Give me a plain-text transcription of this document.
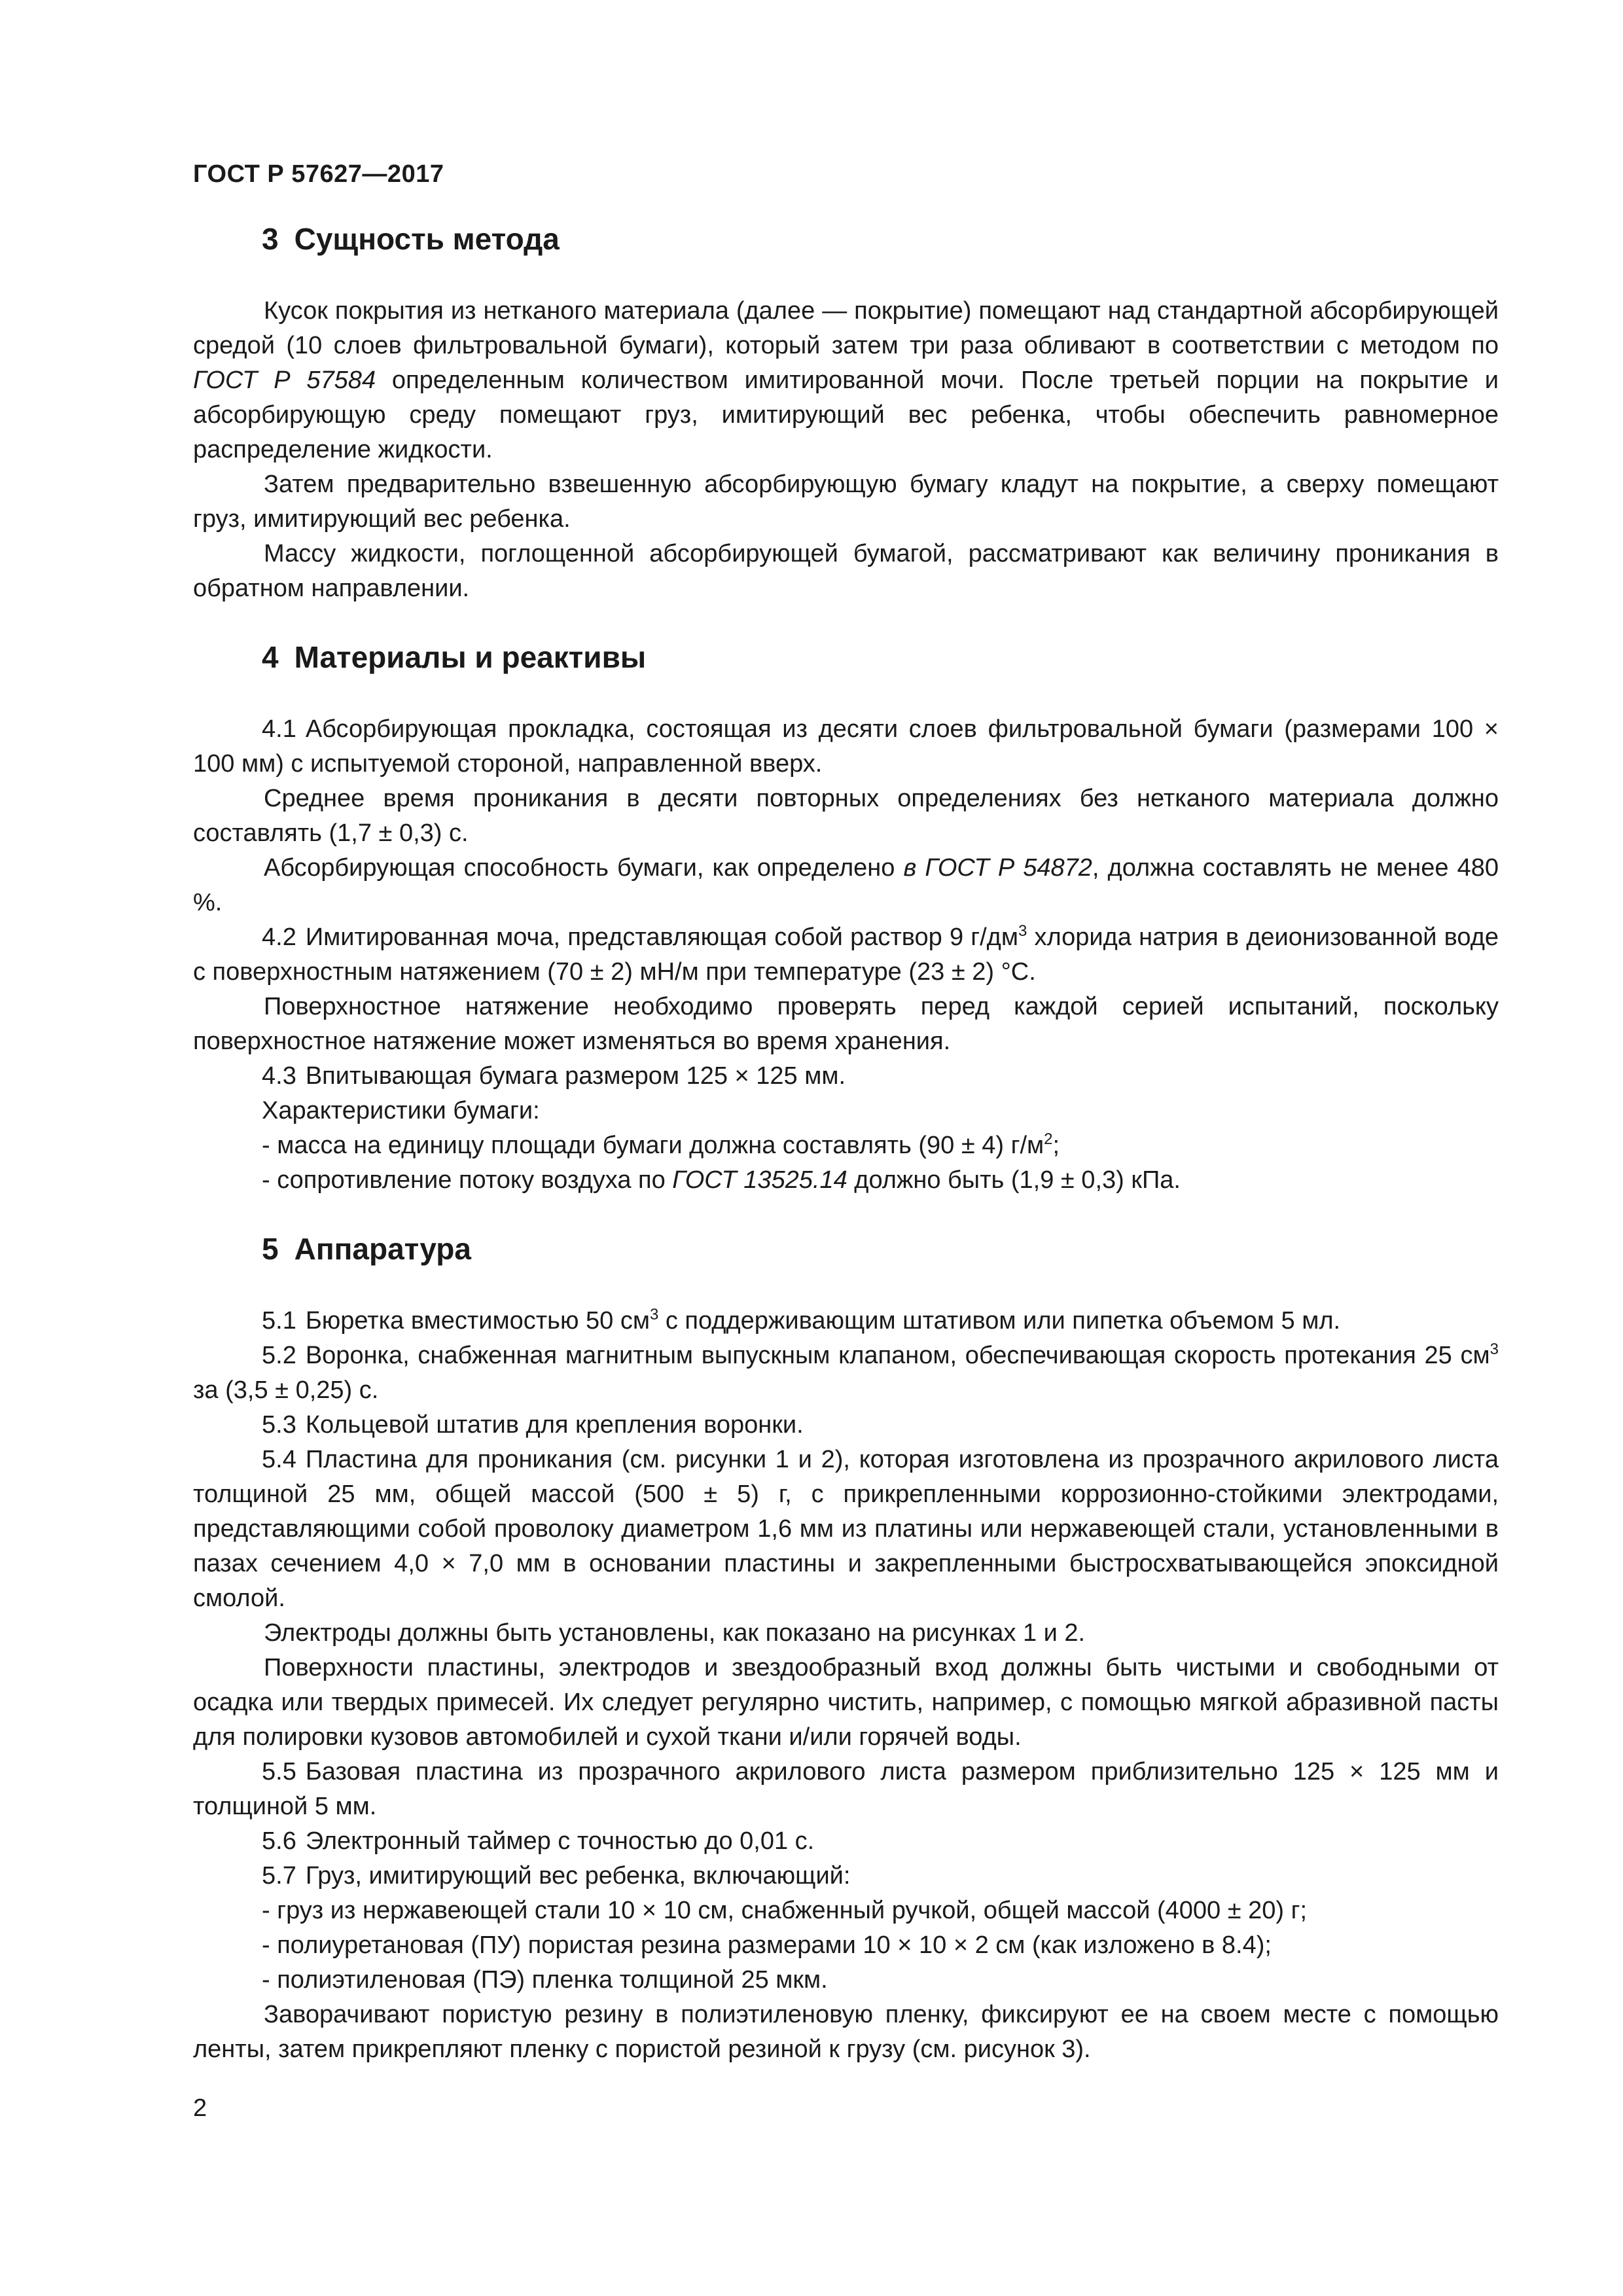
ГОСТ Р 57627—2017
3 Сущность метода

Кусок покрытия из нетканого материала (далее — покрытие) помещают над стандартной абсорбирующей средой (10 слоев фильтровальной бумаги), который затем три раза обливают в соответствии с методом по ГОСТ Р 57584 определенным количеством имитированной мочи. После третьей порции на покрытие и абсорбирующую среду помещают груз, имитирующий вес ребенка, чтобы обеспечить равномерное распределение жидкости.

Затем предварительно взвешенную абсорбирующую бумагу кладут на покрытие, а сверху помещают груз, имитирующий вес ребенка.

Массу жидкости, поглощенной абсорбирующей бумагой, рассматривают как величину проникания в обратном направлении.

4 Материалы и реактивы

4.1 Абсорбирующая прокладка, состоящая из десяти слоев фильтровальной бумаги (размерами 100 × 100 мм) с испытуемой стороной, направленной вверх.

Среднее время проникания в десяти повторных определениях без нетканого материала должно составлять (1,7 ± 0,3) с.

Абсорбирующая способность бумаги, как определено в ГОСТ Р 54872, должна составлять не менее 480 %.

4.2 Имитированная моча, представляющая собой раствор 9 $г/дм^3$ хлорида натрия в деионизованной воде с поверхностным натяжением (70 ± 2) мН/м при температуре (23 ± 2) °С.

Поверхностное натяжение необходимо проверять перед каждой серией испытаний, поскольку поверхностное натяжение может изменяться во время хранения.

4.3 Впитывающая бумага размером 125 × 125 мм.

Характеристики бумаги:

- масса на единицу площади бумаги должна составлять (90 ± 4) $г/м^2$;

- сопротивление потоку воздуха по ГОСТ 13525.14 должно быть (1,9 ± 0,3) кПа.

5 Аппаратура

5.1 Бюретка вместимостью 50 $см^3$ с поддерживающим штативом или пипетка объемом 5 мл.

5.2 Воронка, снабженная магнитным выпускным клапаном, обеспечивающая скорость протекания 25 $см^3$ за (3,5 ± 0,25) с.

5.3 Кольцевой штатив для крепления воронки.

5.4 Пластина для проникания (см. рисунки 1 и 2), которая изготовлена из прозрачного акрилового листа толщиной 25 мм, общей массой (500 ± 5) г, с прикрепленными коррозионно-стойкими электродами, представляющими собой проволоку диаметром 1,6 мм из платины или нержавеющей стали, установленными в пазах сечением 4,0 × 7,0 мм в основании пластины и закрепленными быстросхватывающейся эпоксидной смолой.

Электроды должны быть установлены, как показано на рисунках 1 и 2.

Поверхности пластины, электродов и звездообразный вход должны быть чистыми и свободными от осадка или твердых примесей. Их следует регулярно чистить, например, с помощью мягкой абразивной пасты для полировки кузовов автомобилей и сухой ткани и/или горячей воды.

5.5 Базовая пластина из прозрачного акрилового листа размером приблизительно 125 × 125 мм и толщиной 5 мм.

5.6 Электронный таймер с точностью до 0,01 с.

5.7 Груз, имитирующий вес ребенка, включающий:

- груз из нержавеющей стали 10 × 10 см, снабженный ручкой, общей массой (4000 ± 20) г;

- полиуретановая (ПУ) пористая резина размерами 10 × 10 × 2 см (как изложено в 8.4);

- полиэтиленовая (ПЭ) пленка толщиной 25 мкм.

Заворачивают пористую резину в полиэтиленовую пленку, фиксируют ее на своем месте с помощью ленты, затем прикрепляют пленку с пористой резиной к грузу (см. рисунок 3).

2
